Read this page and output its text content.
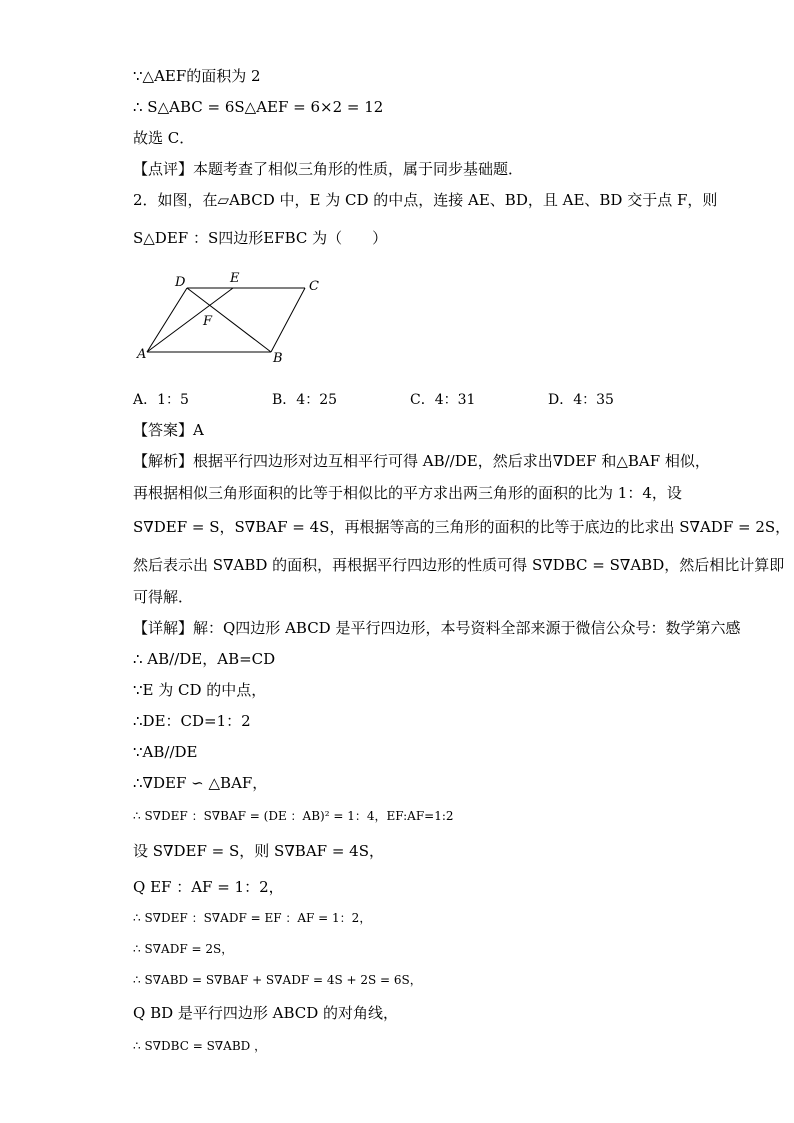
∵△AEF的面积为 2
∴ S△ABC = 6S△AEF = 6×2 = 12
故选 C．
【点评】本题考查了相似三角形的性质，属于同步基础题．
2．如图，在▱ABCD 中，E 为 CD 的中点，连接 AE、BD，且 AE、BD 交于点 F，则
S△DEF ：S四边形EFBC 为（　　）
A	B
C
D	E
F
A．1：5	B．4：25	C．4：31	D．4：35
【答案】A
【解析】根据平行四边形对边互相平行可得 AB//DE，然后求出∇DEF 和△BAF 相似，
再根据相似三角形面积的比等于相似比的平方求出两三角形的面积的比为 1：4，设
S∇DEF = S，S∇BAF = 4S，再根据等高的三角形的面积的比等于底边的比求出 S∇ADF = 2S，
然后表示出 S∇ABD 的面积，再根据平行四边形的性质可得 S∇DBC = S∇ABD，然后相比计算即
可得解．
【详解】解：Q四边形 ABCD 是平行四边形，本号资料全部来源于微信公众号：数学第六感
∴ AB//DE，AB=CD
∵E 为 CD 的中点，
∴DE：CD=1：2
∵AB//DE
∴∇DEF ∽ △BAF，
∴ S∇DEF ：S∇BAF = (DE ：AB)² = 1：4，EF:AF=1:2
设 S∇DEF = S，则 S∇BAF = 4S，
Q EF ：AF = 1：2，
∴ S∇DEF ：S∇ADF = EF ：AF = 1：2，
∴ S∇ADF = 2S，
∴ S∇ABD = S∇BAF + S∇ADF = 4S + 2S = 6S，
Q BD 是平行四边形 ABCD 的对角线，
∴ S∇DBC = S∇ABD ，
